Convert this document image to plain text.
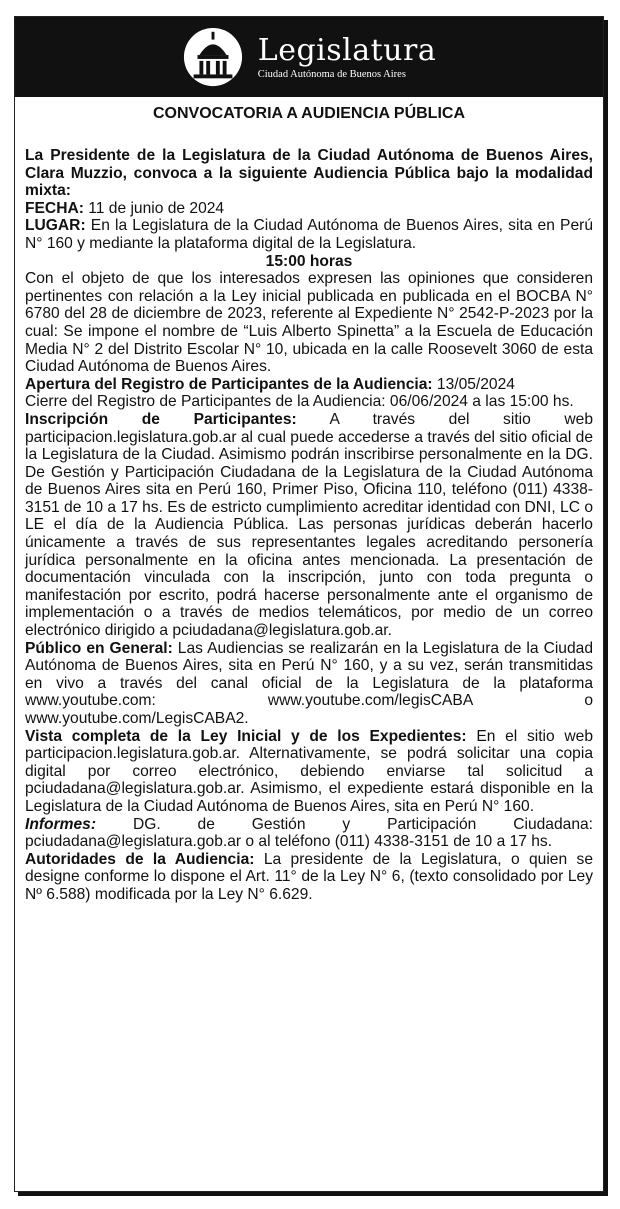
Legislatura
Ciudad Autónoma de Buenos Aires
CONVOCATORIA A AUDIENCIA PÚBLICA

La Presidente de la Legislatura de la Ciudad Autónoma de Buenos Aires, Clara Muzzio, convoca a la siguiente Audiencia Pública bajo la modalidad mixta:

FECHA: 11 de junio de 2024

LUGAR: En la Legislatura de la Ciudad Autónoma de Buenos Aires, sita en Perú N° 160 y mediante la plataforma digital de la Legislatura.

15:00 horas

Con el objeto de que los interesados expresen las opiniones que consideren pertinentes con relación a la Ley inicial publicada en publicada en el BOCBA N° 6780 del 28 de diciembre de 2023, referente al Expediente N° 2542-P-2023 por la cual: Se impone el nombre de “Luis Alberto Spinetta” a la Escuela de Educación Media N° 2 del Distrito Escolar N° 10, ubicada en la calle Roosevelt 3060 de esta Ciudad Autónoma de Buenos Aires.

Apertura del Registro de Participantes de la Audiencia: 13/05/2024

Cierre del Registro de Participantes de la Audiencia: 06/06/2024 a las 15:00 hs.

Inscripción de Participantes: A través del sitio web participacion.legislatura.gob.ar al cual puede accederse a través del sitio oficial de la Legislatura de la Ciudad. Asimismo podrán inscribirse personalmente en la DG. De Gestión y Participación Ciudadana de la Legislatura de la Ciudad Autónoma de Buenos Aires sita en Perú 160, Primer Piso, Oficina 110, teléfono (011) 4338-3151 de 10 a 17 hs. Es de estricto cumplimiento acreditar identidad con DNI, LC o LE el día de la Audiencia Pública. Las personas jurídicas deberán hacerlo únicamente a través de sus representantes legales acreditando personería jurídica personalmente en la oficina antes mencionada. La presentación de documentación vinculada con la inscripción, junto con toda pregunta o manifestación por escrito, podrá hacerse personalmente ante el organismo de implementación o a través de medios telemáticos, por medio de un correo electrónico dirigido a pciudadana@legislatura.gob.ar.

Público en General: Las Audiencias se realizarán en la Legislatura de la Ciudad Autónoma de Buenos Aires, sita en Perú N° 160, y a su vez, serán transmitidas en vivo a través del canal oficial de la Legislatura de la plataforma www.youtube.com: www.youtube.com/legisCABA o www.youtube.com/LegisCABA2.

Vista completa de la Ley Inicial y de los Expedientes: En el sitio web participacion.legislatura.gob.ar. Alternativamente, se podrá solicitar una copia digital por correo electrónico, debiendo enviarse tal solicitud a pciudadana@legislatura.gob.ar. Asimismo, el expediente estará disponible en la Legislatura de la Ciudad Autónoma de Buenos Aires, sita en Perú N° 160.

Informes: DG. de Gestión y Participación Ciudadana: pciudadana@legislatura.gob.ar o al teléfono (011) 4338-3151 de 10 a 17 hs.

Autoridades de la Audiencia: La presidente de la Legislatura, o quien se designe conforme lo dispone el Art. 11° de la Ley N° 6, (texto consolidado por Ley Nº 6.588) modificada por la Ley N° 6.629.
